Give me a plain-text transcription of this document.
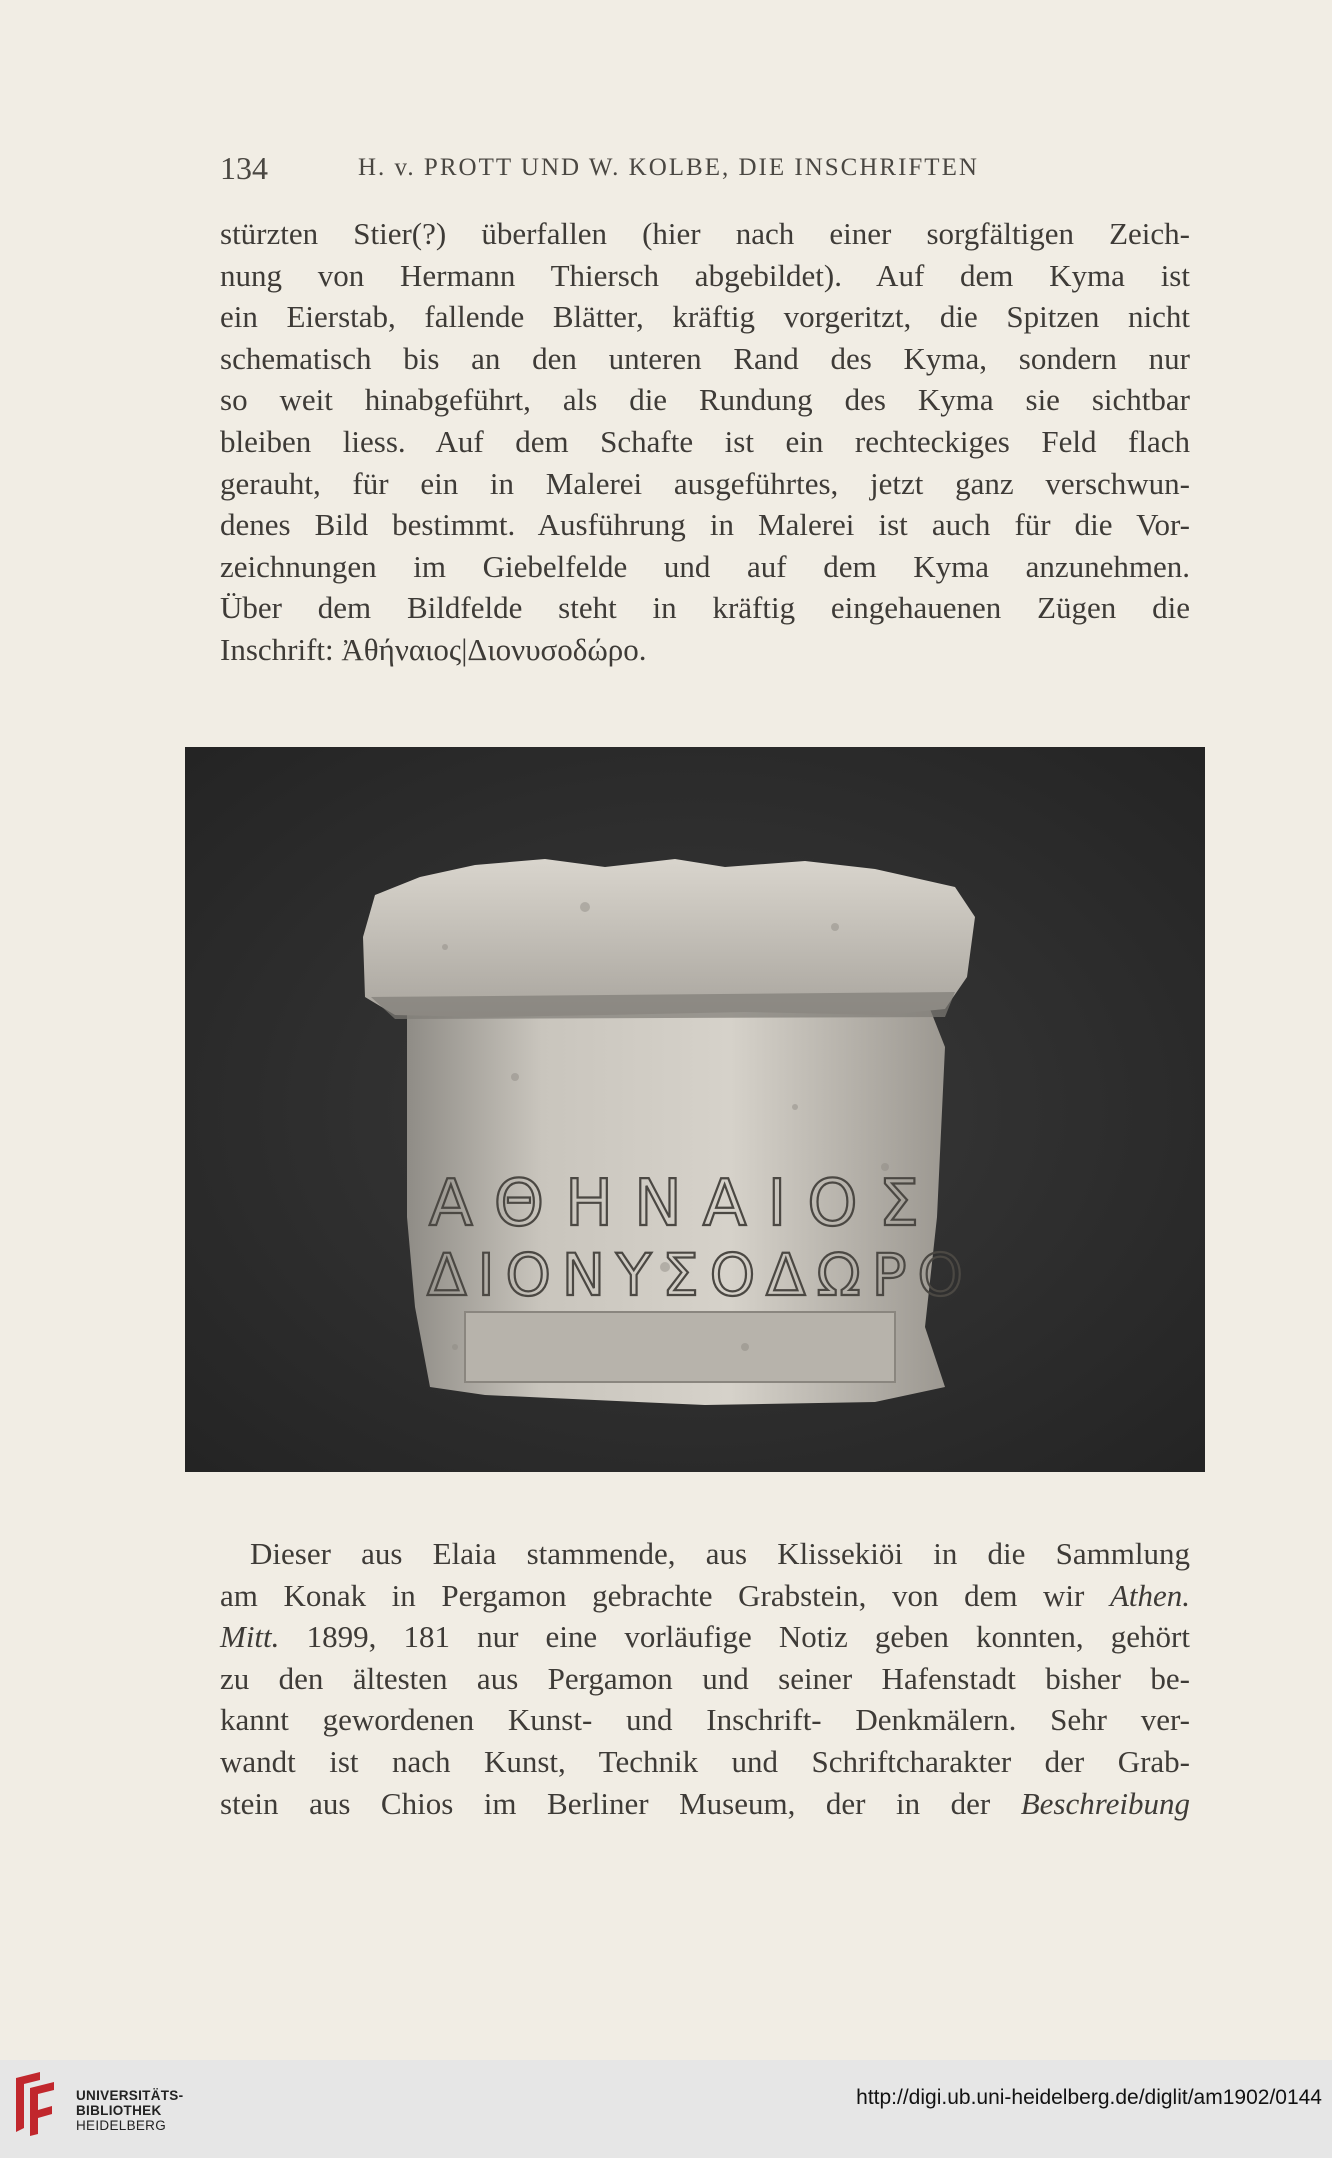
134	H. v. PROTT UND W. KOLBE, DIE INSCHRIFTEN
stürzten Stier(?) überfallen (hier nach einer sorgfältigen Zeich-
nung von Hermann Thiersch abgebildet). Auf dem Kyma ist
ein Eierstab, fallende Blätter, kräftig vorgeritzt, die Spitzen nicht
schematisch bis an den unteren Rand des Kyma, sondern nur
so weit hinabgeführt, als die Rundung des Kyma sie sichtbar
bleiben liess. Auf dem Schafte ist ein rechteckiges Feld flach
gerauht, für ein in Malerei ausgeführtes, jetzt ganz verschwun-
denes Bild bestimmt. Ausführung in Malerei ist auch für die Vor-
zeichnungen im Giebelfelde und auf dem Kyma anzunehmen.
Über dem Bildfelde steht in kräftig eingehauenen Zügen die
Inschrift: Ἀθήναιος|Διονυσοδώρο.
ΑΘΗΝΑΙΟΣ
ΔΙΟΝΥΣΟΔΩΡΟ
Dieser aus Elaia stammende, aus Klissekiöi in die Sammlung
am Konak in Pergamon gebrachte Grabstein, von dem wir Athen.
Mitt. 1899, 181 nur eine vorläufige Notiz geben konnten, gehört
zu den ältesten aus Pergamon und seiner Hafenstadt bisher be-
kannt gewordenen Kunst- und Inschrift- Denkmälern. Sehr ver-
wandt ist nach Kunst, Technik und Schriftcharakter der Grab-
stein aus Chios im Berliner Museum, der in der Beschreibung
UNIVERSITÄTS-
BIBLIOTHEK
HEIDELBERG
http://digi.ub.uni-heidelberg.de/diglit/am1902/0144
